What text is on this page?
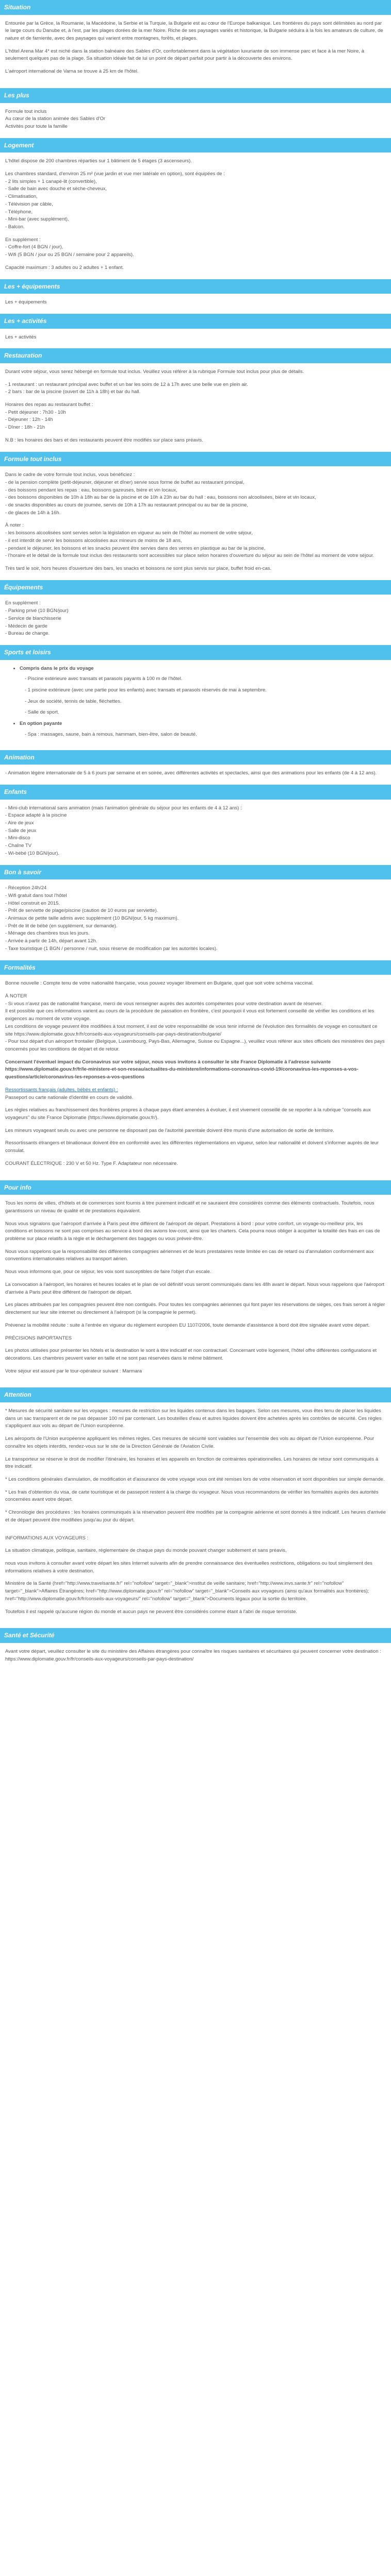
Situation

Entourée par la Grèce, la Roumanie, la Macédoine, la Serbie et la Turquie, la Bulgarie est au cœur de l'Europe balkanique. Les frontières du pays sont délimitées au nord par le large cours du Danube et, à l'est, par les plages dorées de la mer Noire. Riche de ses paysages variés et historique, la Bulgarie séduira à la fois les amateurs de culture, de nature et de farniente, avec des paysages qui varient entre montagnes, forêts, et plages.

L'hôtel Arena Mar 4* est niché dans la station balnéaire des Sables d'Or, confortablement dans la végétation luxuriante de son immense parc et face à la mer Noire, à seulement quelques pas de la plage. Sa situation idéale fait de lui un point de départ parfait pour partir à la découverte des environs.

L'aéroport international de Varna se trouve à 25 km de l'hôtel.

Les plus
Formule tout inclus
Au cœur de la station animée des Sables d'Or
Activités pour toute la famille
Logement

L'hôtel dispose de 200 chambres réparties sur 1 bâtiment de 5 étages (3 ascenseurs).

Les chambres standard, d'environ 25 m² (vue jardin et vue mer latérale en option), sont équipées de :
- 2 lits simples + 1 canapé-lit (convertible),
- Salle de bain avec douche et sèche-cheveux,
- Climatisation,
- Télévision par câble,
- Téléphone,
- Mini-bar (avec supplément),
- Balcon.
En supplément :
- Coffre-fort (4 BGN / jour),
- Wifi (5 BGN / jour ou 25 BGN / semaine pour 2 appareils).
Capacité maximum : 3 adultes ou 2 adultes + 1 enfant.
Les + équipements
Les + équipements
Les + activités
Les + activités
Restauration

Durant votre séjour, vous serez hébergé en formule tout inclus. Veuillez vous référer à la rubrique Formule tout inclus pour plus de détails.

- 1 restaurant : un restaurant principal avec buffet et un bar les soirs de 12 à 17h avec une belle vue en plein air.
- 2 bars : bar de la piscine (ouvert de 11h à 18h) et bar du hall.
Horaires des repas au restaurant buffet :
- Petit déjeuner : 7h30 - 10h
- Déjeuner : 12h - 14h
- Dîner : 18h - 21h
N.B : les horaires des bars et des restaurants peuvent être modifiés sur place sans préavis.
Formule tout inclus
Dans le cadre de votre formule tout inclus, vous bénéficiez :
- de la pension complète (petit-déjeuner, déjeuner et dîner) servie sous forme de buffet au restaurant principal,
- des boissons pendant les repas : eau, boissons gazeuses, bière et vin locaux,
- des boissons disponibles de 10h à 18h au bar de la piscine et de 10h à 23h au bar du hall : eau, boissons non alcoolisées, bière et vin locaux,
- de snacks disponibles au cours de journée, servis de 10h à 17h au restaurant principal ou au bar de la piscine,
- de glaces de 14h à 16h.
À noter :
- les boissons alcoolisées sont servies selon la législation en vigueur au sein de l'hôtel au moment de votre séjour,
- il est interdit de servir les boissons alcoolisées aux mineurs de moins de 18 ans,
- pendant le déjeuner, les boissons et les snacks peuvent être servies dans des verres en plastique au bar de la piscine,
- l'horaire et le détail de la formule tout inclus des restaurants sont accessibles sur place selon horaires d'ouverture du séjour au sein de l'hôtel au moment de votre séjour.
Très tard le soir, hors heures d'ouverture des bars, les snacks et boissons ne sont plus servis sur place, buffet froid en-cas.
Équipements
En supplément :
- Parking privé (10 BGN/jour)
- Service de blanchisserie
- Médecin de garde
- Bureau de change.
Sports et loisirs
• Compris dans le prix du voyage
- Piscine extérieure avec transats et parasols payants à 100 m de l'hôtel.
- 1 piscine extérieure (avec une partie pour les enfants) avec transats et parasols réservés de mai à septembre.
- Jeux de société, tennis de table, fléchettes.
- Salle de sport.
• En option payante
- Spa : massages, saune, bain à remous, hammam, bien-être, salon de beauté.
Animation
- Animation légère internationale de 5 à 6 jours par semaine et en soirée, avec différentes activités et spectacles, ainsi que des animations pour les enfants (de 4 à 12 ans).
Enfants
- Mini-club international sans animation (mais l'animation générale du séjour pour les enfants de 4 à 12 ans) :
- Espace adapté à la piscine
- Aire de jeux
- Salle de jeux
- Mini-disco
- Chaîne TV
- Wi-bébé (10 BGN/jour).
Bon à savoir
- Réception 24h/24
- Wifi gratuit dans tout l'hôtel
- Hôtel construit en 2015.
- Prêt de serviette de plage/piscine (caution de 10 euros par serviette).
- Animaux de petite taille admis avec supplément (10 BGN/jour, 5 kg maximum).
- Prêt de lit de bébé (en supplément, sur demande).
- Ménage des chambres tous les jours.
- Arrivée à partir de 14h, départ avant 12h.
- Taxe touristique (1 BGN / personne / nuit, sous réserve de modification par les autorités locales).
Formalités

Bonne nouvelle : Compte tenu de votre nationalité française, vous pouvez voyager librement en Bulgarie, quel que soit votre schéma vaccinal.

À NOTER
- Si vous n'avez pas de nationalité française, merci de vous renseigner auprès des autorités compétentes pour votre destination avant de réserver.
Il est possible que ces informations varient au cours de la procédure de passation en frontière, c'est pourquoi il vous est fortement conseillé de vérifier les conditions et les exigences au moment de votre voyage.
Les conditions de voyage peuvent être modifiées à tout moment, il est de votre responsabilité de vous tenir informé de l'évolution des formalités de voyage en consultant ce site https://www.diplomatie.gouv.fr/fr/conseils-aux-voyageurs/conseils-par-pays-destination/bulgarie/
- Pour tout départ d'un aéroport frontalier (Belgique, Luxembourg, Pays-Bas, Allemagne, Suisse ou Espagne...), veuillez vous référer aux sites officiels des ministères des pays concernés pour les conditions de départ et de retour.

Concernant l'éventuel impact du Coronavirus sur votre séjour, nous vous invitons à consulter le site France Diplomatie à l'adresse suivante https://www.diplomatie.gouv.fr/fr/le-ministere-et-son-reseau/actualites-du-ministere/informations-coronavirus-covid-19/coronavirus-les-reponses-a-vos-questions/article/coronavirus-les-reponses-a-vos-questions

Ressortissants français (adultes, bébés et enfants) :

Passeport ou carte nationale d'identité en cours de validité.

Les règles relatives au franchissement des frontières propres à chaque pays étant amenées à évoluer, il est vivement conseillé de se reporter à la rubrique "conseils aux voyageurs" du site France Diplomatie (https://www.diplomatie.gouv.fr/).

Les mineurs voyageant seuls ou avec une personne ne disposant pas de l'autorité parentale doivent être munis d'une autorisation de sortie de territoire.

Ressortissants étrangers et binationaux doivent être en conformité avec les différentes réglementations en vigueur, selon leur nationalité et doivent s'informer auprès de leur consulat.

COURANT ÉLECTRIQUE : 230 V et 50 Hz. Type F. Adaptateur non nécessaire.

Pour info

Tous les noms de villes, d'hôtels et de commerces sont fournis à titre purement indicatif et ne sauraient être considérés comme des éléments contractuels. Toutefois, nous garantissons un niveau de qualité et de prestations équivalent.

Nous vous signalons que l'aéroport d'arrivée à Paris peut être différent de l'aéroport de départ. Prestations à bord : pour votre confort, un voyage-ou-meilleur prix, les conditions et boissons ne sont pas comprises au service à bord des avions low-cost, ainsi que les charters. Cela pourra nous obliger à acquitter la totalité des frais en cas de problème sur place relatifs à la règle et le déchargement des bagages ou vous préveir-être.

Nous vous rappelons que la responsabilité des différentes compagnies aériennes et de leurs prestataires reste limitée en cas de retard ou d'annulation conformément aux conventions internationales relatives au transport aérien.

Nous vous informons que, pour ce séjour, les voix sont susceptibles de faire l'objet d'un escale.

La convocation à l'aéroport, les horaires et heures locales et le plan de vol définitif vous seront communiqués dans les 48h avant le départ. Nous vous rappelons que l'aéroport d'arrivée à Paris peut être différent de l'aéroport de départ.

Les places attribuées par les compagnies peuvent être non contiguës. Pour toutes les compagnies aériennes qui font payer les réservations de sièges, ces frais seront à régler directement sur leur site internet ou directement à l'aéroport (si la compagnie le permet).

Prévenez la mobilité réduite : suite à l'entrée en vigueur du règlement européen EU 1107/2006, toute demande d'assistance à bord doit être signalée avant votre départ.

PRÉCISIONS IMPORTANTES

Les photos utilisées pour présenter les hôtels et la destination le sont à titre indicatif et non contractuel. Concernant votre logement, l'hôtel offre différentes configurations et décorations. Les chambres peuvent varier en taille et ne sont pas réservées dans le même bâtiment.

Votre séjour est assuré par le tour-opérateur suivant : Marmara

Attention

* Mesures de sécurité sanitaire sur les voyages : mesures de restriction sur les liquides contenus dans les bagages. Selon ces mesures, vous êtes tenu de placer les liquides dans un sac transparent et de ne pas dépasser 100 ml par contenant. Les bouteilles d'eau et autres liquides doivent être achetées après les contrôles de sécurité. Ces règles s'appliquent aux vols au départ de l'Union européenne.

Les aéroports de l'Union européenne appliquent les mêmes règles. Ces mesures de sécurité sont valables sur l'ensemble des vols au départ de l'Union européenne. Pour connaître les objets interdits, rendez-vous sur le site de la Direction Générale de l'Aviation Civile.

Le transporteur se réserve le droit de modifier l'itinéraire, les horaires et les appareils en fonction de contraintes opérationnelles. Les horaires de retour sont communiqués à titre indicatif.

* Les conditions générales d'annulation, de modification et d'assurance de votre voyage vous ont été remises lors de votre réservation et sont disponibles sur simple demande.

* Les frais d'obtention du visa, de carte touristique et de passeport restent à la charge du voyageur. Nous vous recommandons de vérifier les formalités auprès des autorités concernées avant votre départ.

* Chronologie des procédures : les horaires communiqués à la réservation peuvent être modifiés par la compagnie aérienne et sont donnés à titre indicatif. Les heures d'arrivée et de départ peuvent être modifiées jusqu'au jour du départ.

INFORMATIONS AUX VOYAGEURS :

La situation climatique, politique, sanitaire, réglementaire de chaque pays du monde pouvant changer subitement et sans préavis,

nous vous invitons à consulter avant votre départ les sites Internet suivants afin de prendre connaissance des éventuelles restrictions, obligations ou tout simplement des informations relatives à votre destination.

Ministère de la Santé (href="http://www.travelsante.fr/" rel="nofollow" target="_blank">institut de veille sanitaire; href="http://www.invs.sante.fr" rel="nofollow" target="_blank">Affaires Étrangères; href="http://www.diplomatie.gouv.fr" rel="nofollow" target="_blank">Conseils aux voyageurs (ainsi qu'aux formalités aux frontières); href="http://www.diplomatie.gouv.fr/fr/conseils-aux-voyageurs/" rel="nofollow" target="_blank">Documents légaux pour la sortie du territoire.

Toutefois il est rappelé qu'aucune région du monde et aucun pays ne peuvent être considérés comme étant à l'abri de risque terroriste.

Santé et Sécurité

Avant votre départ, veuillez consulter le site du ministère des Affaires étrangères pour connaître les risques sanitaires et sécuritaires qui peuvent concerner votre destination : https://www.diplomatie.gouv.fr/fr/conseils-aux-voyageurs/conseils-par-pays-destination/
